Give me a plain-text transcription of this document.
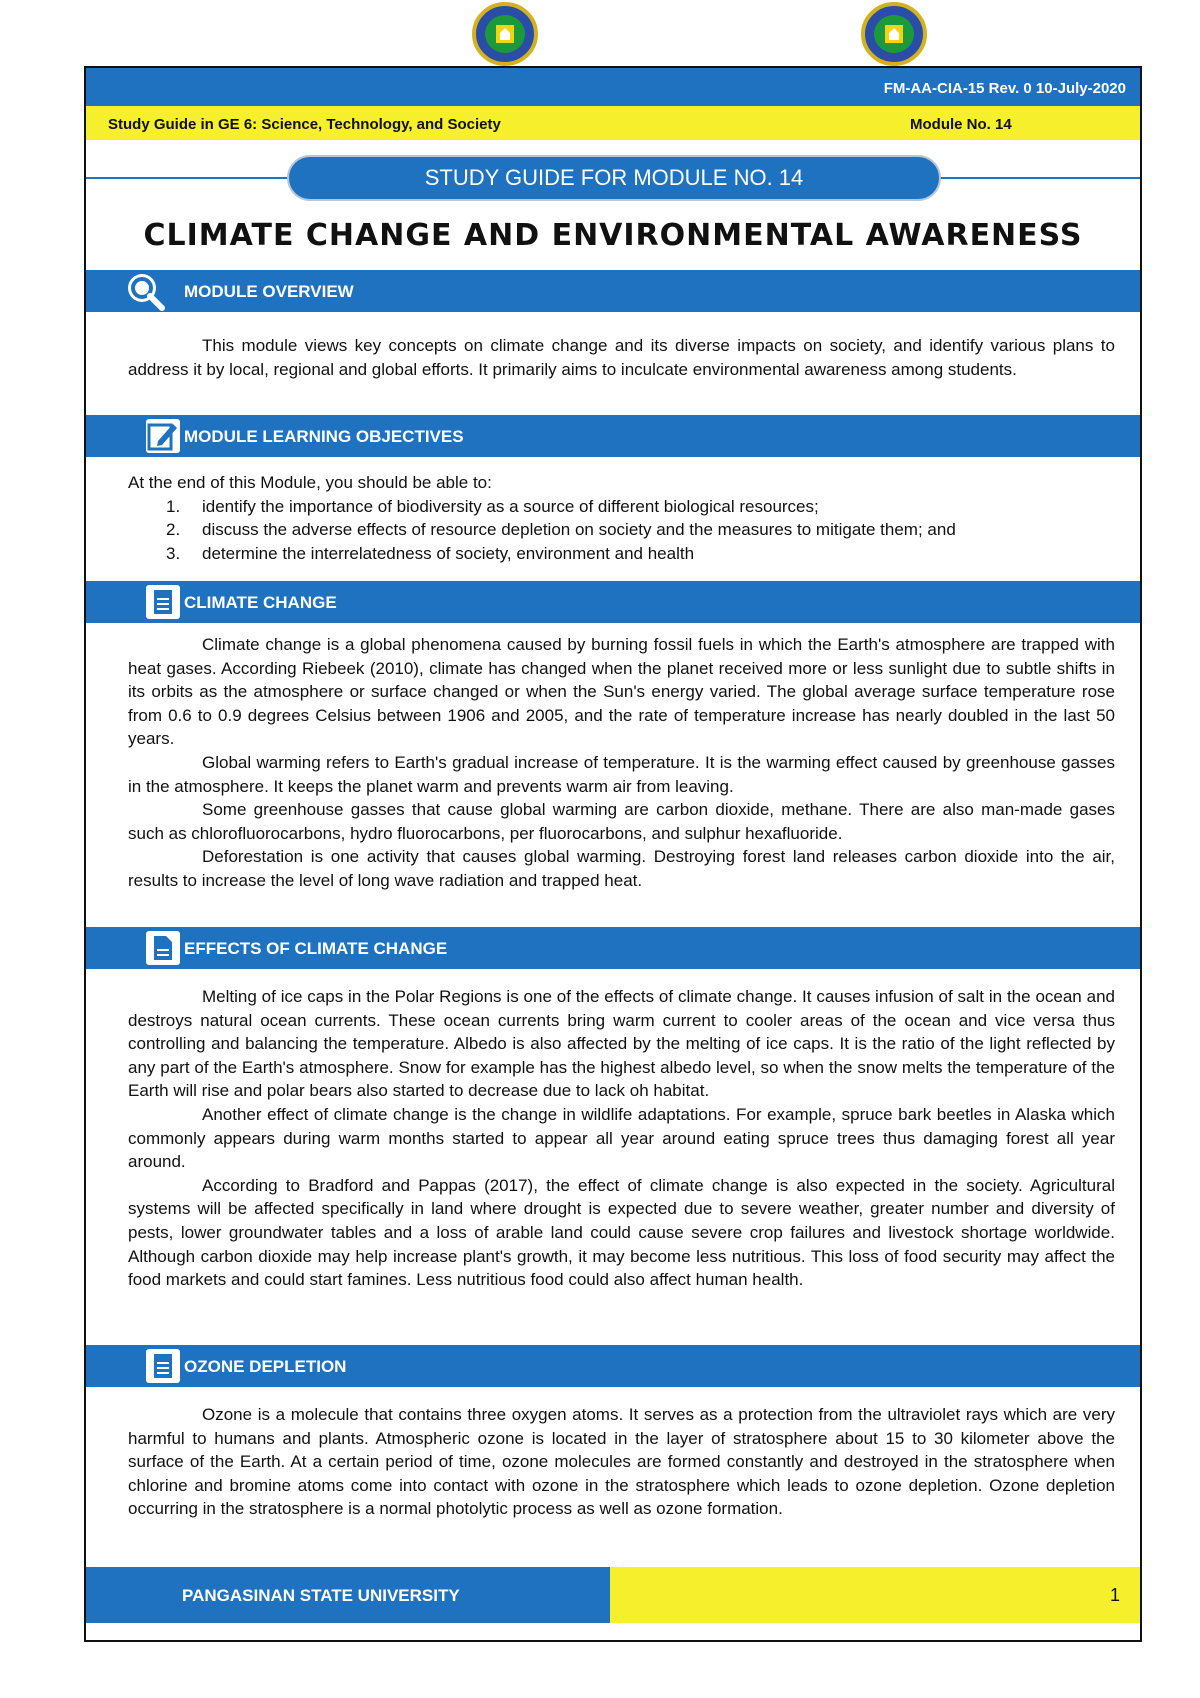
FM-AA-CIA-15 Rev. 0 10-July-2020
Study Guide in GE 6: Science, Technology, and Society	Module No. 14
STUDY GUIDE FOR MODULE NO. 14
CLIMATE CHANGE AND ENVIRONMENTAL AWARENESS
MODULE OVERVIEW

This module views key concepts on climate change and its diverse impacts on society, and identify various plans to address it by local, regional and global efforts. It primarily aims to inculcate environmental awareness among students.

MODULE LEARNING OBJECTIVES

At the end of this Module, you should be able to:

1. identify the importance of biodiversity as a source of different biological resources;
2. discuss the adverse effects of resource depletion on society and the measures to mitigate them; and
3. determine the interrelatedness of society, environment and health
CLIMATE CHANGE

Climate change is a global phenomena caused by burning fossil fuels in which the Earth's atmosphere are trapped with heat gases. According Riebeek (2010), climate has changed when the planet received more or less sunlight due to subtle shifts in its orbits as the atmosphere or surface changed or when the Sun's energy varied. The global average surface temperature rose from 0.6 to 0.9 degrees Celsius between 1906 and 2005, and the rate of temperature increase has nearly doubled in the last 50 years.

Global warming refers to Earth's gradual increase of temperature. It is the warming effect caused by greenhouse gasses in the atmosphere. It keeps the planet warm and prevents warm air from leaving.

Some greenhouse gasses that cause global warming are carbon dioxide, methane. There are also man-made gases such as chlorofluorocarbons, hydro fluorocarbons, per fluorocarbons, and sulphur hexafluoride.

Deforestation is one activity that causes global warming. Destroying forest land releases carbon dioxide into the air, results to increase the level of long wave radiation and trapped heat.

EFFECTS OF CLIMATE CHANGE

Melting of ice caps in the Polar Regions is one of the effects of climate change. It causes infusion of salt in the ocean and destroys natural ocean currents. These ocean currents bring warm current to cooler areas of the ocean and vice versa thus controlling and balancing the temperature. Albedo is also affected by the melting of ice caps. It is the ratio of the light reflected by any part of the Earth's atmosphere. Snow for example has the highest albedo level, so when the snow melts the temperature of the Earth will rise and polar bears also started to decrease due to lack oh habitat.

Another effect of climate change is the change in wildlife adaptations. For example, spruce bark beetles in Alaska which commonly appears during warm months started to appear all year around eating spruce trees thus damaging forest all year around.

According to Bradford and Pappas (2017), the effect of climate change is also expected in the society. Agricultural systems will be affected specifically in land where drought is expected due to severe weather, greater number and diversity of pests, lower groundwater tables and a loss of arable land could cause severe crop failures and livestock shortage worldwide. Although carbon dioxide may help increase plant's growth, it may become less nutritious. This loss of food security may affect the food markets and could start famines. Less nutritious food could also affect human health.

OZONE DEPLETION

Ozone is a molecule that contains three oxygen atoms. It serves as a protection from the ultraviolet rays which are very harmful to humans and plants. Atmospheric ozone is located in the layer of stratosphere about 15 to 30 kilometer above the surface of the Earth. At a certain period of time, ozone molecules are formed constantly and destroyed in the stratosphere when chlorine and bromine atoms come into contact with ozone in the stratosphere which leads to ozone depletion. Ozone depletion occurring in the stratosphere is a normal photolytic process as well as ozone formation.

PANGASINAN STATE UNIVERSITY	1
